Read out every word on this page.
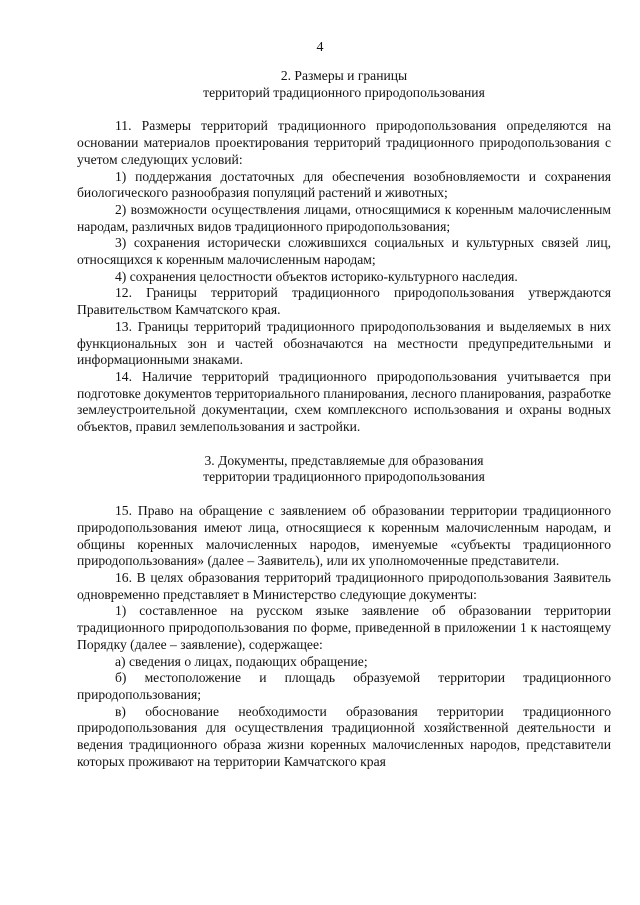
4
2. Размеры и границы
территорий традиционного природопользования

11. Размеры территорий традиционного природопользования определяются на основании материалов проектирования территорий традиционного природопользования с учетом следующих условий:

1) поддержания достаточных для обеспечения возобновляемости и сохранения биологического разнообразия популяций растений и животных;

2) возможности осуществления лицами, относящимися к коренным малочисленным народам, различных видов традиционного природопользования;

3) сохранения исторически сложившихся социальных и культурных связей лиц, относящихся к коренным малочисленным народам;

4) сохранения целостности объектов историко-культурного наследия.

12. Границы территорий традиционного природопользования утверждаются Правительством Камчатского края.

13. Границы территорий традиционного природопользования и выделяемых в них функциональных зон и частей обозначаются на местности предупредительными и информационными знаками.

14. Наличие территорий традиционного природопользования учитывается при подготовке документов территориального планирования, лесного планирования, разработке землеустроительной документации, схем комплексного использования и охраны водных объектов, правил землепользования и застройки.

3. Документы, представляемые для образования
территории традиционного природопользования

15. Право на обращение с заявлением об образовании территории традиционного природопользования имеют лица, относящиеся к коренным малочисленным народам, и общины коренных малочисленных народов, именуемые «субъекты традиционного природопользования» (далее – Заявитель), или их уполномоченные представители.

16. В целях образования территорий традиционного природопользования Заявитель одновременно представляет в Министерство следующие документы:

1) составленное на русском языке заявление об образовании территории традиционного природопользования по форме, приведенной в приложении 1 к настоящему Порядку (далее – заявление), содержащее:

а) сведения о лицах, подающих обращение;

б) местоположение и площадь образуемой территории традиционного природопользования;

в) обоснование необходимости образования территории традиционного природопользования для осуществления традиционной хозяйственной деятельности и ведения традиционного образа жизни коренных малочисленных народов, представители которых проживают на территории Камчатского края
